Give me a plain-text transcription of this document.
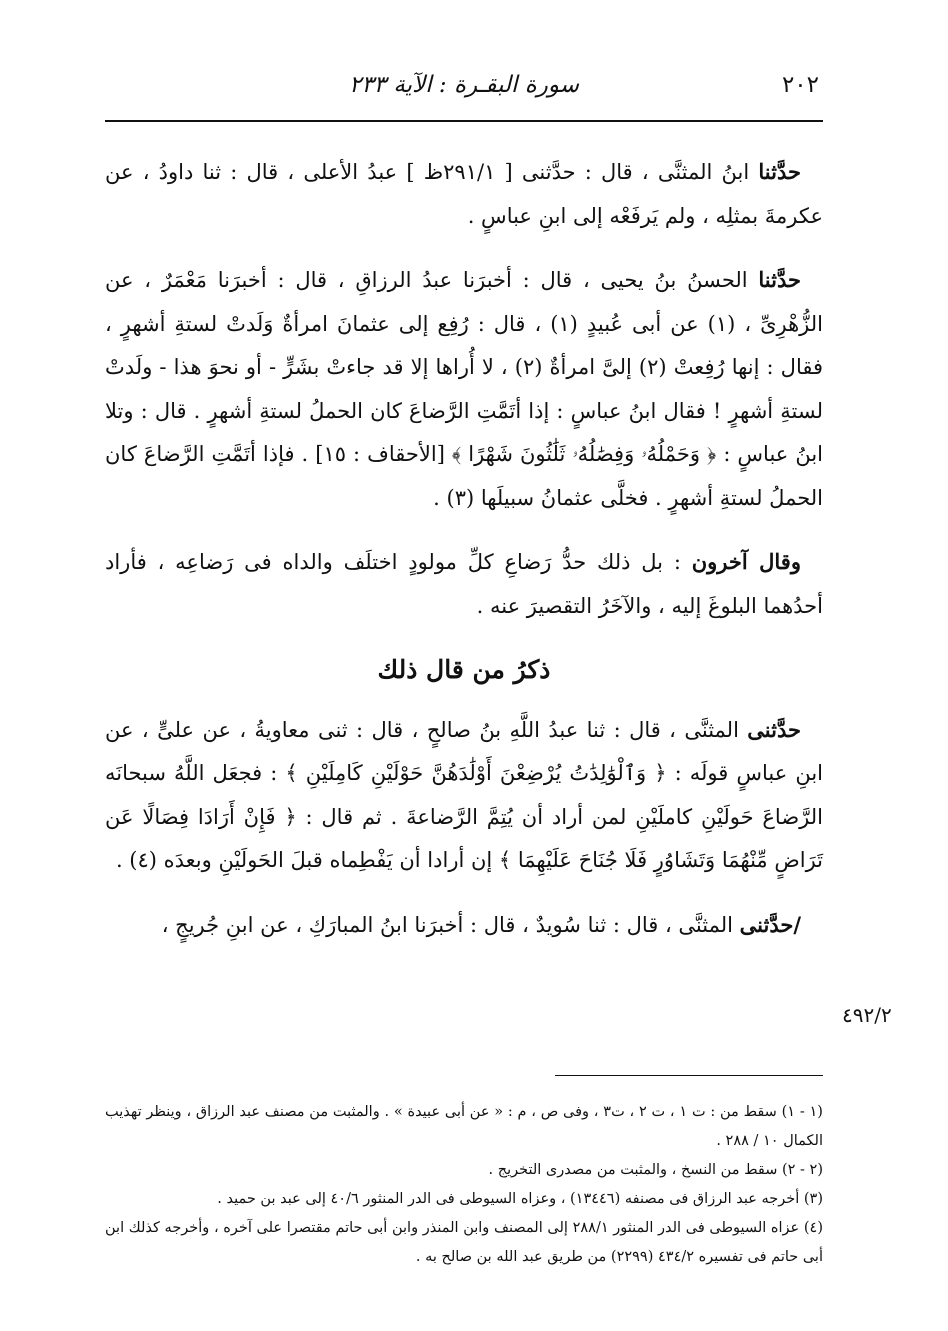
٢٠٢
سورة البقـرة : الآية ٢٣٣

حدَّثنا ابنُ المثنَّى ، قال : حدَّثنى [ ٢٩١/١ظ ] عبدُ الأعلى ، قال : ثنا داودُ ، عن عكرمةَ بمثلِه ، ولم يَرفَعْه إلى ابنِ عباسٍ .

حدَّثنا الحسنُ بنُ يحيى ، قال : أخبرَنا عبدُ الرزاقِ ، قال : أخبرَنا مَعْمَرٌ ، عن الزُّهْرِىِّ ، (١) عن أبى عُبيدٍ (١) ، قال : رُفِع إلى عثمانَ امرأةٌ وَلَدتْ لستةِ أشهرٍ ، فقال : إنها رُفِعتْ (٢) إلىَّ امرأةٌ (٢) ، لا أُراها إلا قد جاءتْ بشَرٍّ - أو نحوَ هذا - ولَدتْ لستةِ أشهرٍ ! فقال ابنُ عباسٍ : إذا أتَمَّتِ الرَّضاعَ كان الحملُ لستةِ أشهرٍ . قال : وتلا ابنُ عباسٍ : ﴿ وَحَمْلُهُۥ وَفِصَٰلُهُۥ ثَلَٰثُونَ شَهْرًا ﴾ [الأحقاف : ١٥] . فإذا أتَمَّتِ الرَّضاعَ كان الحملُ لستةِ أشهرٍ . فخلَّى عثمانُ سبيلَها (٣) .

وقال آخرون : بل ذلك حدُّ رَضاعِ كلِّ مولودٍ اختلَف والداه فى رَضاعِه ، فأراد أحدُهما البلوغَ إليه ، والآخَرُ التقصيرَ عنه .

ذكرُ من قال ذلك

حدَّثنى المثنَّى ، قال : ثنا عبدُ اللَّهِ بنُ صالحٍ ، قال : ثنى معاويةُ ، عن علىٍّ ، عن ابنِ عباسٍ قولَه : ﴿ وَٱلْوَٰلِدَٰتُ يُرْضِعْنَ أَوْلَٰدَهُنَّ حَوْلَيْنِ كَامِلَيْنِ ﴾ : فجعَل اللَّهُ سبحانَه الرَّضاعَ حَولَيْنِ كاملَيْنِ لمن أراد أن يُتِمَّ الرَّضاعةَ . ثم قال : ﴿ فَإِنْ أَرَادَا فِصَالًا عَن تَرَاضٍ مِّنْهُمَا وَتَشَاوُرٍ فَلَا جُنَاحَ عَلَيْهِمَا ﴾ إن أرادا أن يَفْطِماه قبلَ الحَولَيْنِ وبعدَه (٤) .

/حدَّثنى المثنَّى ، قال : ثنا سُويدٌ ، قال : أخبرَنا ابنُ المبارَكِ ، عن ابنِ جُريجٍ ،

٤٩٢/٢

(١ - ١) سقط من : ت ١ ، ت ٢ ، ت٣ ، وفى ص ، م : « عن أبى عبيدة » . والمثبت من مصنف عبد الرزاق ، وينظر تهذيب الكمال ١٠ / ٢٨٨ .

(٢ - ٢) سقط من النسخ ، والمثبت من مصدرى التخريج .

(٣) أخرجه عبد الرزاق فى مصنفه (١٣٤٤٦) ، وعزاه السيوطى فى الدر المنثور ٤٠/٦ إلى عبد بن حميد .

(٤) عزاه السيوطى فى الدر المنثور ٢٨٨/١ إلى المصنف وابن المنذر وابن أبى حاتم مقتصرا على آخره ، وأخرجه كذلك ابن أبى حاتم فى تفسيره ٤٣٤/٢ (٢٢٩٩) من طريق عبد الله بن صالح به .
